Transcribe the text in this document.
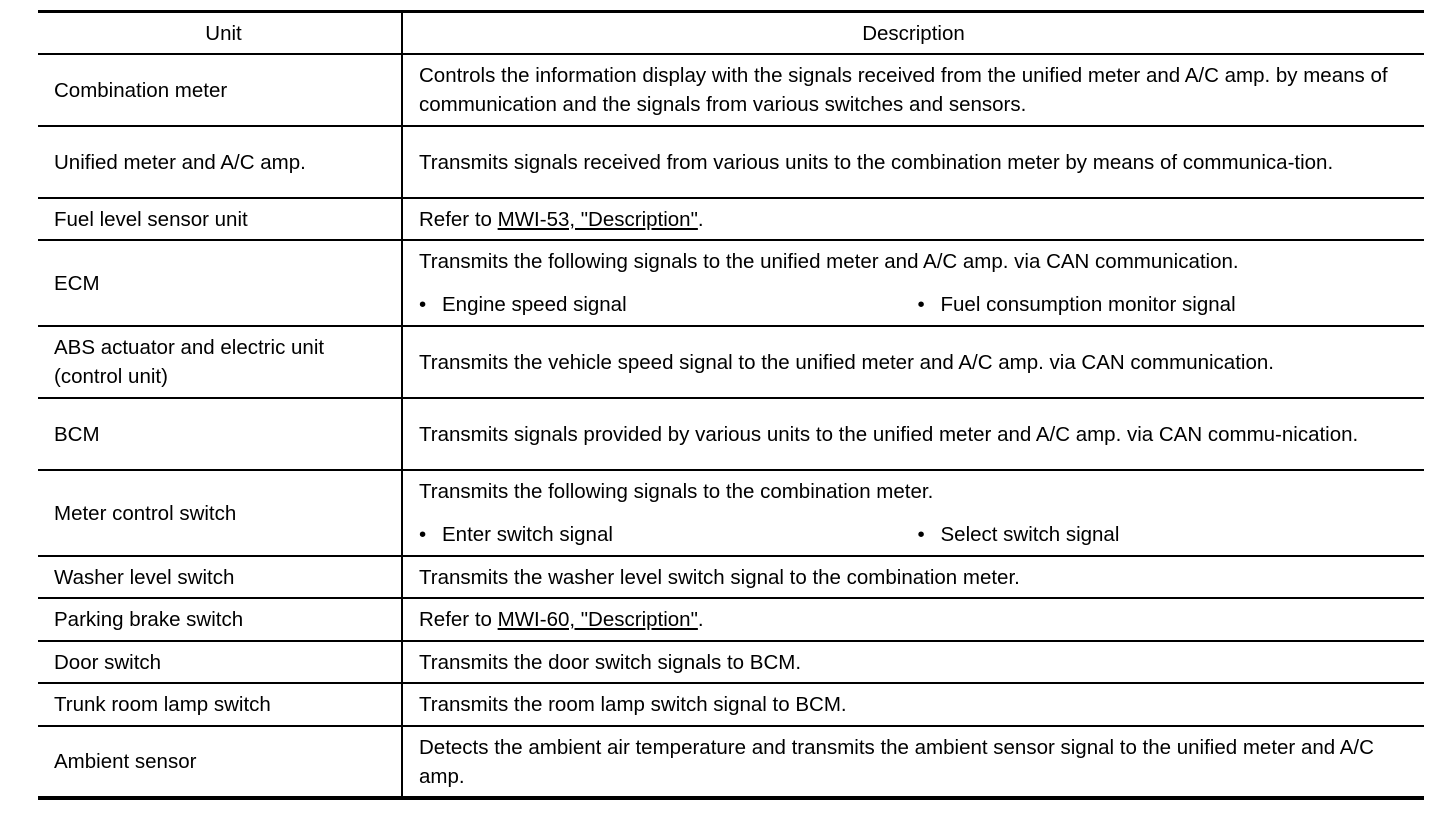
Unit	Description
Combination meter	Controls the information display with the signals received from the unified meter and A/C amp. by means of communication and the signals from various switches and sensors.
Unified meter and A/C amp.	Transmits signals received from various units to the combination meter by means of communica-tion.
Fuel level sensor unit	Refer to MWI-53, "Description".
ECM	Transmits the following signals to the unified meter and A/C amp. via CAN communication.
• Engine speed signal • Fuel consumption monitor signal

ABS actuator and electric unit (control unit)	Transmits the vehicle speed signal to the unified meter and A/C amp. via CAN communication.
BCM	Transmits signals provided by various units to the unified meter and A/C amp. via CAN commu-nication.
Meter control switch	Transmits the following signals to the combination meter.
• Enter switch signal • Select switch signal

Washer level switch	Transmits the washer level switch signal to the combination meter.
Parking brake switch	Refer to MWI-60, "Description".
Door switch	Transmits the door switch signals to BCM.
Trunk room lamp switch	Transmits the room lamp switch signal to BCM.
Ambient sensor	Detects the ambient air temperature and transmits the ambient sensor signal to the unified meter and A/C amp.
